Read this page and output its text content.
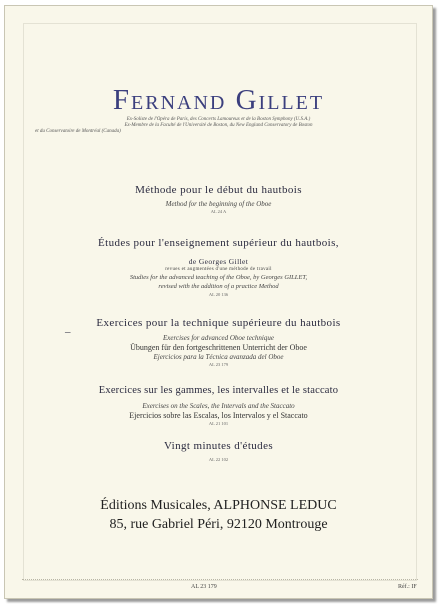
Fernand Gillet
Ex-Soliste de l'Opéra de Paris, des Concerts Lamoureux et de la Boston Symphony (U.S.A.)
Ex-Membre de la Faculté de l'Université de Boston, du New England Conservatory de Boston
et du Conservatoire de Montréal (Canada)
Méthode pour le début du hautbois
Method for the beginning of the Oboe
AL 24 A
Études pour l'enseignement supérieur du hautbois,
de Georges Gillet
revues et augmentées d'une méthode de travail
Studies for the advanced teaching of the Oboe, by Georges GILLET,
revised with the addition of a practice Method
AL 20 136
_	Exercices pour la technique supérieure du hautbois
Exercises for advanced Oboe technique
Übungen für den fortgeschrittenen Unterricht der Oboe
Ejercicios para la Técnica avanzada del Oboe
AL 23 179
Exercices sur les gammes, les intervalles et le staccato
Exercises on the Scales, the Intervals and the Staccato
Ejercicios sobre las Escalas, los Intervalos y el Staccato
AL 21 101
Vingt minutes d'études
AL 22 102
Éditions Musicales, ALPHONSE LEDUC
85, rue Gabriel Péri, 92120 Montrouge
AL 23 179	Réf.: IF
